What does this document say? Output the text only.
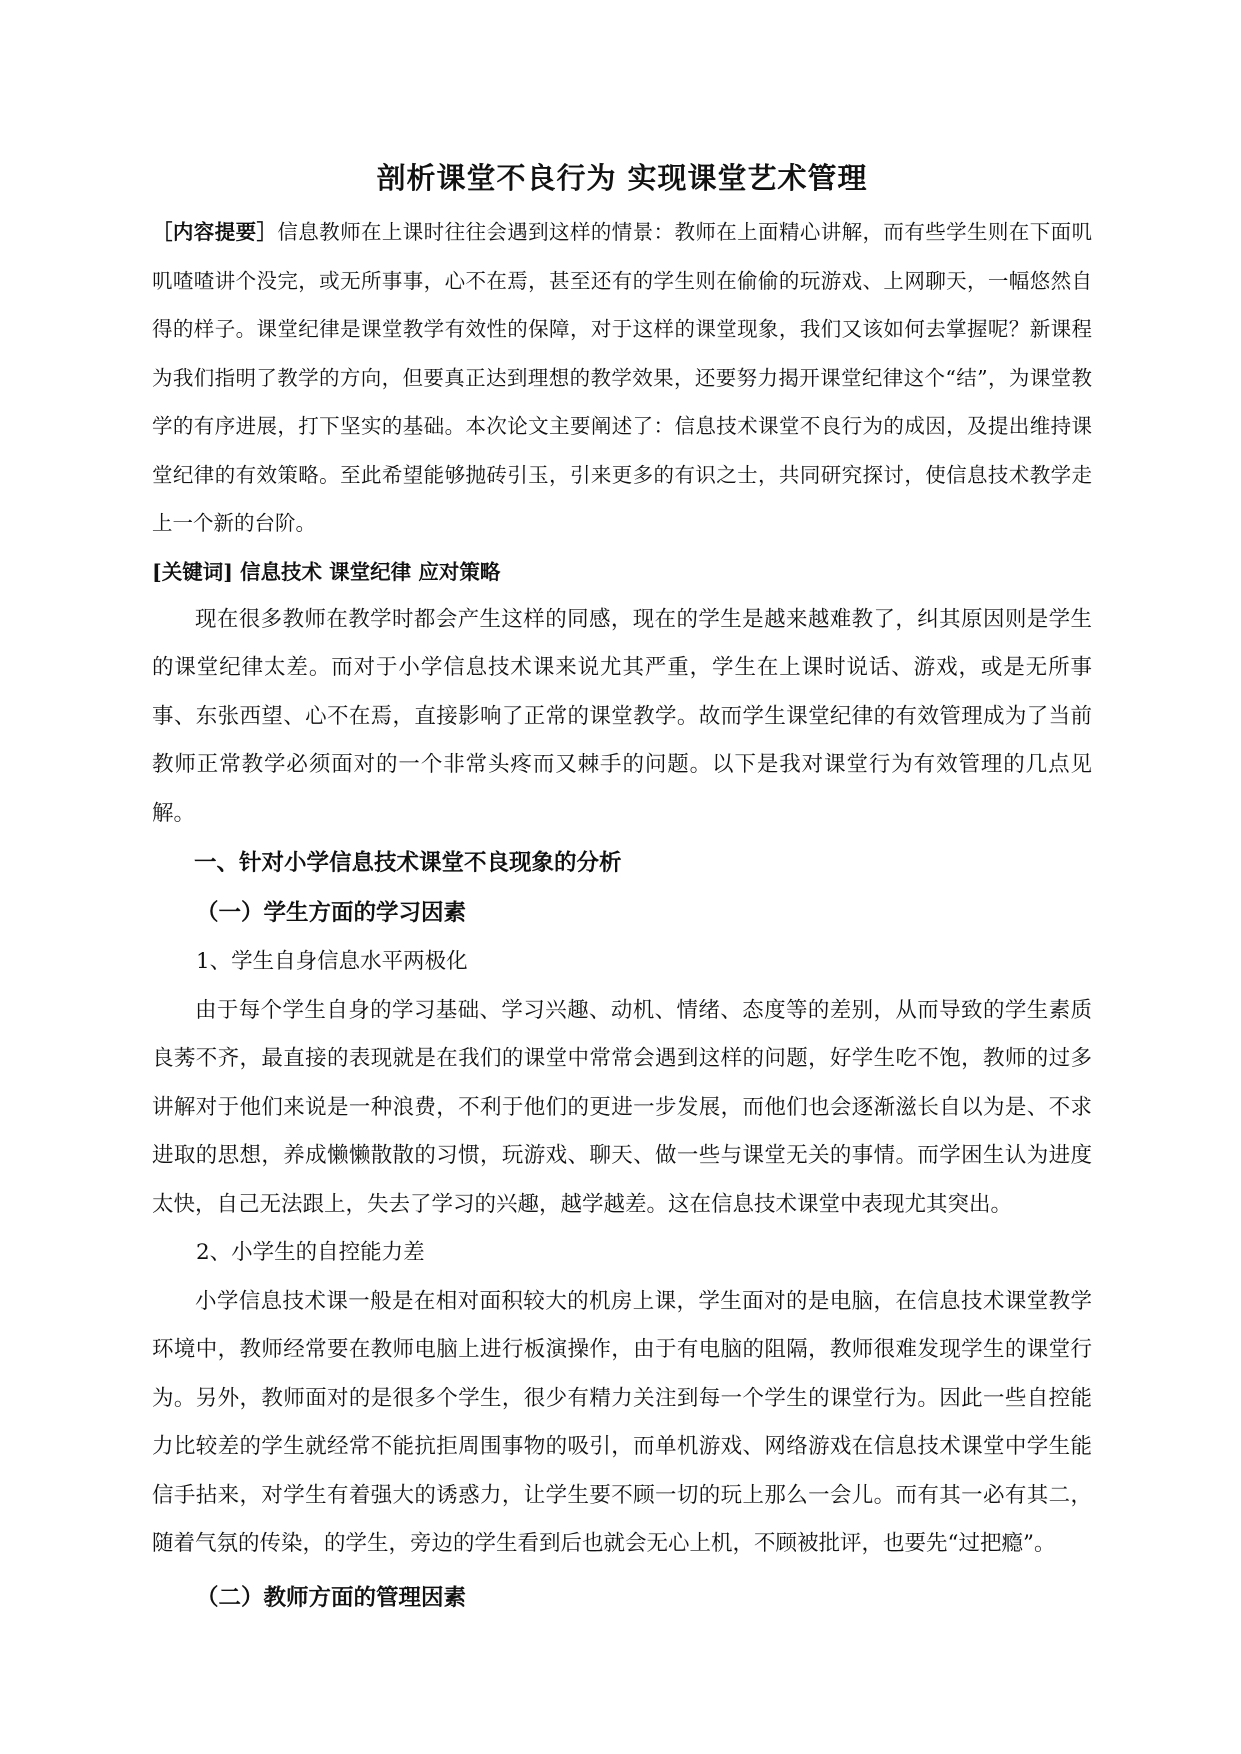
剖析课堂不良行为 实现课堂艺术管理

［内容提要］信息教师在上课时往往会遇到这样的情景：教师在上面精心讲解，而有些学生则在下面叽叽喳喳讲个没完，或无所事事，心不在焉，甚至还有的学生则在偷偷的玩游戏、上网聊天，一幅悠然自得的样子。课堂纪律是课堂教学有效性的保障，对于这样的课堂现象，我们又该如何去掌握呢？新课程为我们指明了教学的方向，但要真正达到理想的教学效果，还要努力揭开课堂纪律这个“结”，为课堂教学的有序进展，打下坚实的基础。本次论文主要阐述了：信息技术课堂不良行为的成因，及提出维持课堂纪律的有效策略。至此希望能够抛砖引玉，引来更多的有识之士，共同研究探讨，使信息技术教学走上一个新的台阶。

[关键词] 信息技术 课堂纪律 应对策略

现在很多教师在教学时都会产生这样的同感，现在的学生是越来越难教了，纠其原因则是学生的课堂纪律太差。而对于小学信息技术课来说尤其严重，学生在上课时说话、游戏，或是无所事事、东张西望、心不在焉，直接影响了正常的课堂教学。故而学生课堂纪律的有效管理成为了当前教师正常教学必须面对的一个非常头疼而又棘手的问题。以下是我对课堂行为有效管理的几点见解。

一、针对小学信息技术课堂不良现象的分析
（一）学生方面的学习因素

1、学生自身信息水平两极化

由于每个学生自身的学习基础、学习兴趣、动机、情绪、态度等的差别，从而导致的学生素质良莠不齐，最直接的表现就是在我们的课堂中常常会遇到这样的问题，好学生吃不饱，教师的过多讲解对于他们来说是一种浪费，不利于他们的更进一步发展，而他们也会逐渐滋长自以为是、不求进取的思想，养成懒懒散散的习惯，玩游戏、聊天、做一些与课堂无关的事情。而学困生认为进度太快，自己无法跟上，失去了学习的兴趣，越学越差。这在信息技术课堂中表现尤其突出。

2、小学生的自控能力差

小学信息技术课一般是在相对面积较大的机房上课，学生面对的是电脑，在信息技术课堂教学环境中，教师经常要在教师电脑上进行板演操作，由于有电脑的阻隔，教师很难发现学生的课堂行为。另外，教师面对的是很多个学生，很少有精力关注到每一个学生的课堂行为。因此一些自控能力比较差的学生就经常不能抗拒周围事物的吸引，而单机游戏、网络游戏在信息技术课堂中学生能信手拈来，对学生有着强大的诱惑力，让学生要不顾一切的玩上那么一会儿。而有其一必有其二，随着气氛的传染，的学生，旁边的学生看到后也就会无心上机，不顾被批评，也要先“过把瘾”。

（二）教师方面的管理因素
